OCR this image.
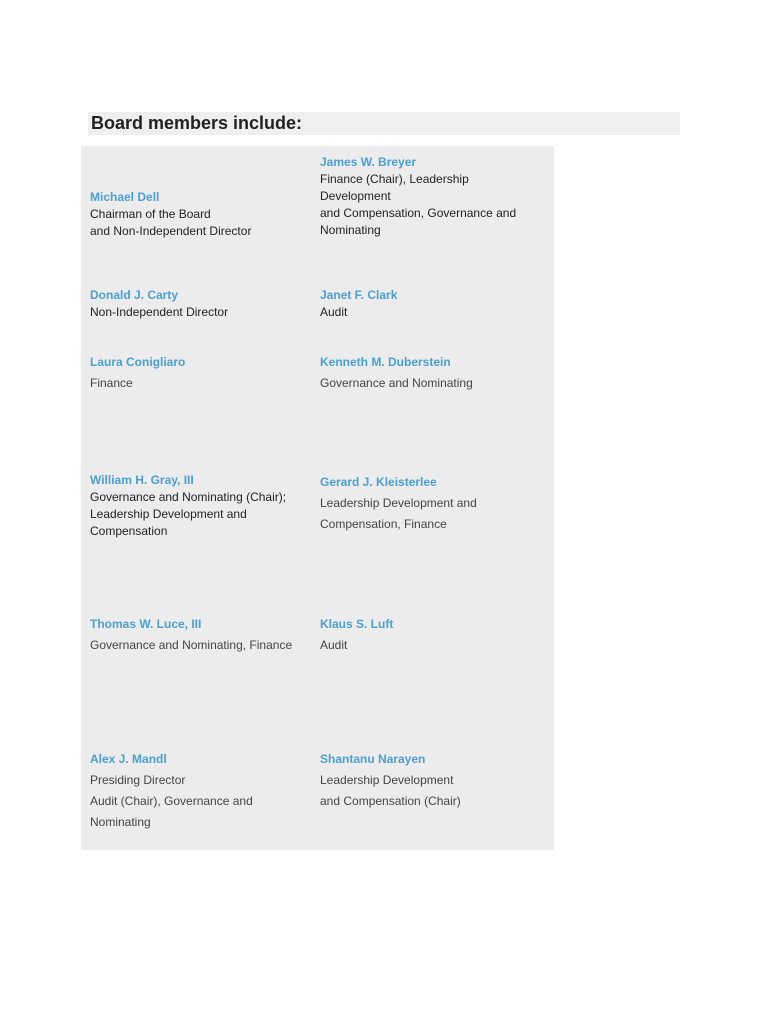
Board members include:
Michael Dell
Chairman of the Board
and Non-Independent Director
James W. Breyer
Finance (Chair), Leadership
Development
and Compensation, Governance and
Nominating
Donald J. Carty
Non-Independent Director
Janet F. Clark
Audit
Laura Conigliaro
Finance
Kenneth M. Duberstein
Governance and Nominating
William H. Gray, III
Governance and Nominating (Chair);
Leadership Development and
Compensation
Gerard J. Kleisterlee
Leadership Development and
Compensation, Finance
Thomas W. Luce, III
Governance and Nominating, Finance
Klaus S. Luft
Audit
Alex J. Mandl
Presiding Director
Audit (Chair), Governance and
Nominating
Shantanu Narayen
Leadership Development
and Compensation (Chair)
